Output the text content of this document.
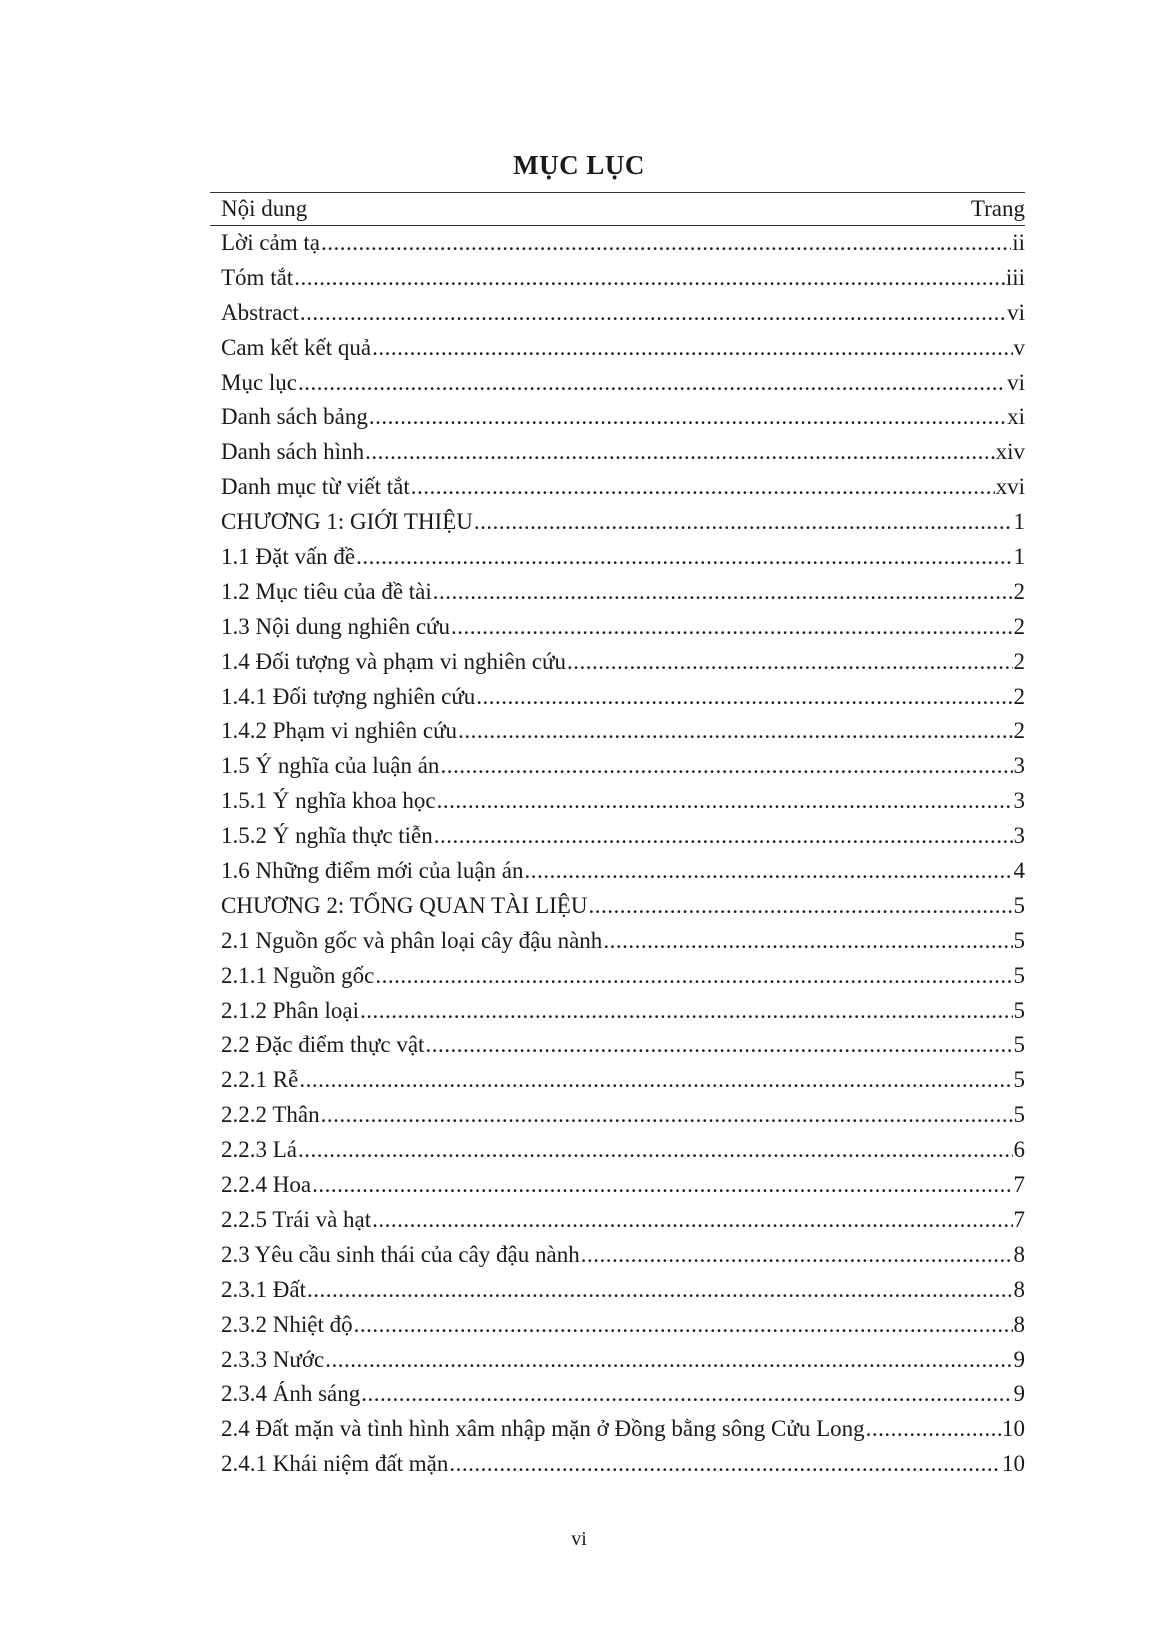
MỤC LỤC
Nội dung	Trang
Lời cảm tạ .....	ii
Tóm tắt .....	iii
Abstract .....	vi
Cam kết kết quả .....	v
Mục lục .....	vi
Danh sách bảng .....	xi
Danh sách hình .....	xiv
Danh mục từ viết tắt .....	xvi
CHƯƠNG 1: GIỚI THIỆU .....	1
1.1 Đặt vấn đề .....	1
1.2 Mục tiêu của đề tài .....	2
1.3 Nội dung nghiên cứu .....	2
1.4 Đối tượng và phạm vi nghiên cứu .....	2
1.4.1 Đối tượng nghiên cứu .....	2
1.4.2 Phạm vi nghiên cứu .....	2
1.5 Ý nghĩa của luận án .....	3
1.5.1 Ý nghĩa khoa học .....	3
1.5.2 Ý nghĩa thực tiễn .....	3
1.6 Những điểm mới của luận án .....	4
CHƯƠNG 2: TỔNG QUAN TÀI LIỆU .....	5
2.1 Nguồn gốc và phân loại cây đậu nành .....	5
2.1.1 Nguồn gốc .....	5
2.1.2 Phân loại .....	5
2.2 Đặc điểm thực vật .....	5
2.2.1 Rễ .....	5
2.2.2 Thân .....	5
2.2.3 Lá .....	6
2.2.4 Hoa .....	7
2.2.5 Trái và hạt .....	7
2.3 Yêu cầu sinh thái của cây đậu nành .....	8
2.3.1 Đất .....	8
2.3.2 Nhiệt độ .....	8
2.3.3 Nước .....	9
2.3.4 Ánh sáng .....	9
2.4 Đất mặn và tình hình xâm nhập mặn ở Đồng bằng sông Cửu Long .....	10
2.4.1 Khái niệm đất mặn .....	10
vi
